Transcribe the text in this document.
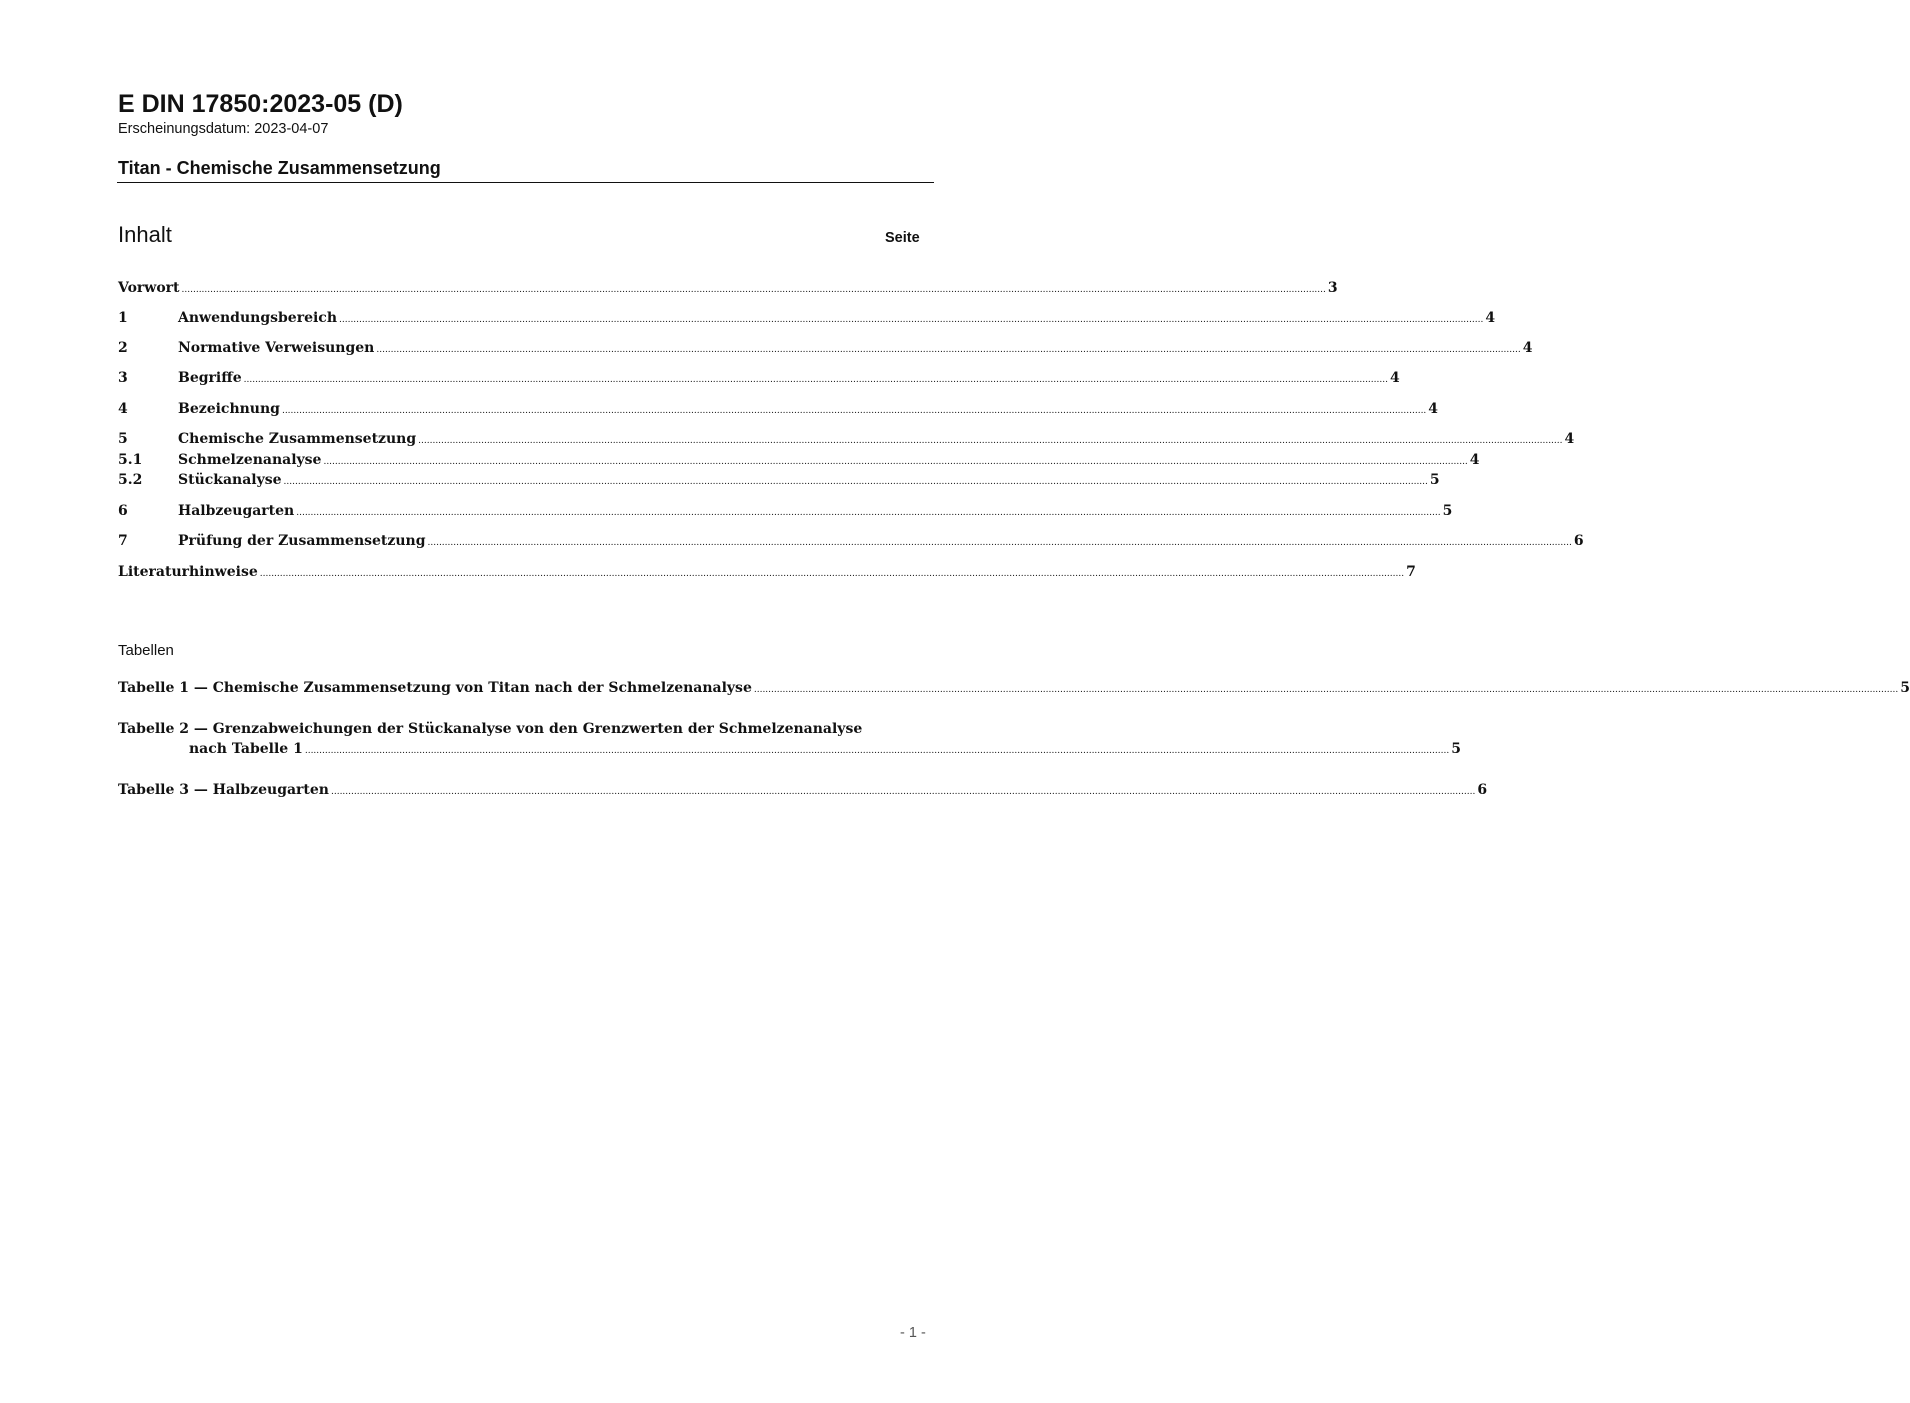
E DIN 17850:2023-05 (D)
Erscheinungsdatum: 2023-04-07
Titan - Chemische Zusammensetzung
Inhalt	Seite
Vorwort ................................................................................................................................................................................................................................................................................................................................................................................................................ 3
1	Anwendungsbereich ................................................................................................................................................................................................................................................................................................................................................................................................................ 4
2	Normative Verweisungen ................................................................................................................................................................................................................................................................................................................................................................................................................ 4
3	Begriffe ................................................................................................................................................................................................................................................................................................................................................................................................................ 4
4	Bezeichnung ................................................................................................................................................................................................................................................................................................................................................................................................................ 4
5	Chemische Zusammensetzung ................................................................................................................................................................................................................................................................................................................................................................................................................ 4
5.1	Schmelzenanalyse ................................................................................................................................................................................................................................................................................................................................................................................................................ 4
5.2	Stückanalyse ................................................................................................................................................................................................................................................................................................................................................................................................................ 5
6	Halbzeugarten ................................................................................................................................................................................................................................................................................................................................................................................................................ 5
7	Prüfung der Zusammensetzung ................................................................................................................................................................................................................................................................................................................................................................................................................ 6
Literaturhinweise ................................................................................................................................................................................................................................................................................................................................................................................................................ 7
Tabellen
Tabelle 1 — Chemische Zusammensetzung von Titan nach der Schmelzenanalyse ................................................................................................................................................................................................................................................................................................................................................................................................................ 5
Tabelle 2 — Grenzabweichungen der Stückanalyse von den Grenzwerten der Schmelzenanalyse
nach Tabelle 1 ................................................................................................................................................................................................................................................................................................................................................................................................................ 5
Tabelle 3 — Halbzeugarten ................................................................................................................................................................................................................................................................................................................................................................................................................ 6
- 1 -
